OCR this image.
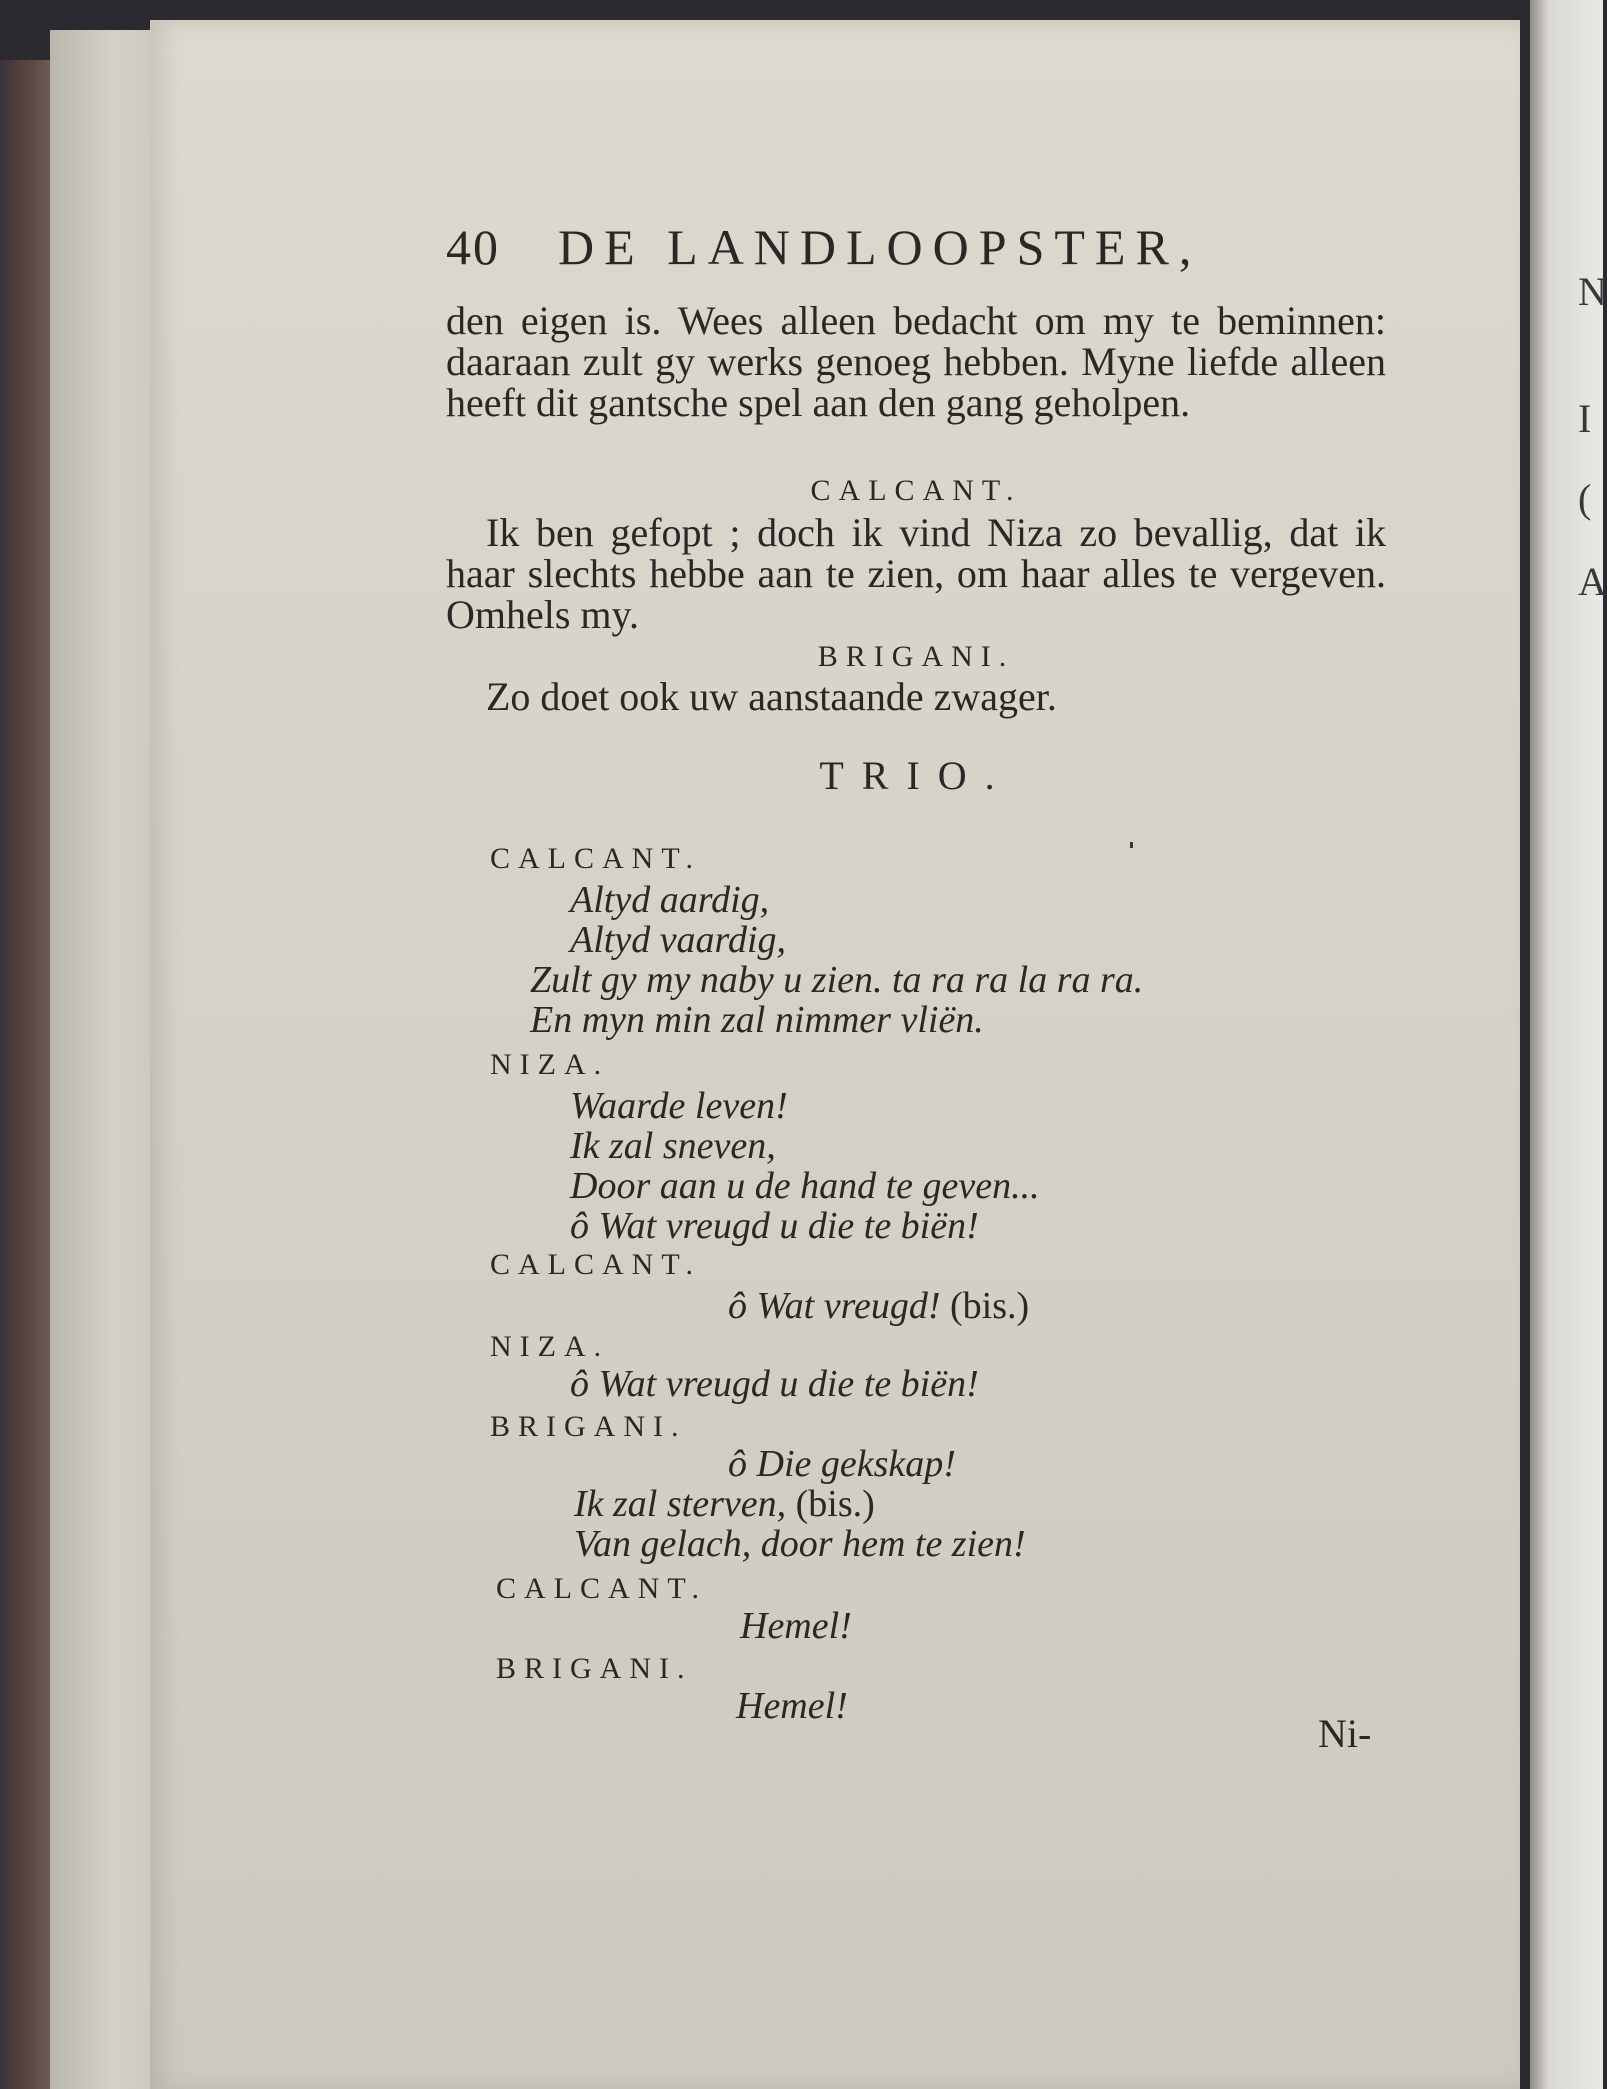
N
I
(
A
40 DE LANDLOOPSTER,

den eigen is. Wees alleen bedacht om my te beminnen: daaraan zult gy werks genoeg hebben. Myne liefde alleen heeft dit gantsche spel aan den gang geholpen.

CALCANT.

Ik ben gefopt ; doch ik vind Niza zo bevallig, dat ik haar slechts hebbe aan te zien, om haar alles te vergeven. Omhels my.

BRIGANI.

Zo doet ook uw aanstaande zwager.

TRIO.
CALCANT.
Altyd aardig,
Altyd vaardig,
Zult gy my naby u zien. ta ra ra la ra ra.
En myn min zal nimmer vliën.
NIZA.
Waarde leven!
Ik zal sneven,
Door aan u de hand te geven...
ô Wat vreugd u die te biën!
CALCANT.
ô Wat vreugd! (bis.)
NIZA.
ô Wat vreugd u die te biën!
BRIGANI.
ô Die gekskap!
Ik zal sterven, (bis.)
Van gelach, door hem te zien!
CALCANT.
Hemel!
BRIGANI.
Hemel!
Ni-
